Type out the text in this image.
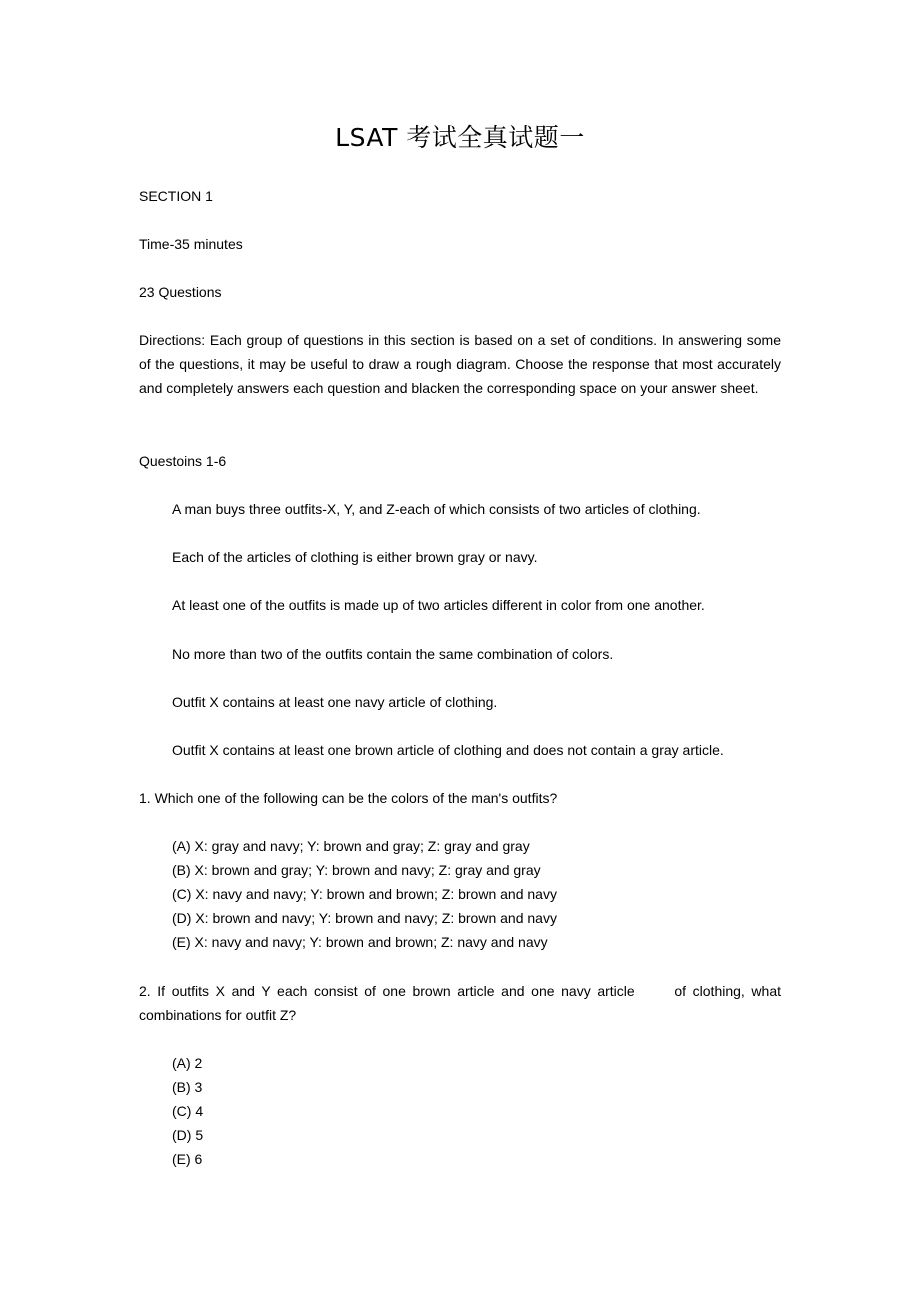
LSAT 考试全真试题一
SECTION 1
Time-35 minutes
23 Questions
Directions: Each group of questions in this section is based on a set of conditions. In answering some of the questions, it may be useful to draw a rough diagram. Choose the response that most accurately and completely answers each question and blacken the corresponding space on your answer sheet.
Questoins 1-6
A man buys three outfits-X, Y, and Z-each of which consists of two articles of clothing.
Each of the articles of clothing is either brown gray or navy.
At least one of the outfits is made up of two articles different in color from one another.
No more than two of the outfits contain the same combination of colors.
Outfit X contains at least one navy article of clothing.
Outfit X contains at least one brown article of clothing and does not contain a gray article.
1. Which one of the following can be the colors of the man's outfits?
(A) X: gray and navy; Y: brown and gray; Z: gray and gray
(B) X: brown and gray; Y: brown and navy; Z: gray and gray
(C) X: navy and navy; Y: brown and brown; Z: brown and navy
(D) X: brown and navy; Y: brown and navy; Z: brown and navy
(E) X: navy and navy; Y: brown and brown; Z: navy and navy
2. If outfits X and Y each consist of one brown article and one navy article      of clothing, what combinations for outfit Z?
(A) 2
(B) 3
(C) 4
(D) 5
(E) 6
